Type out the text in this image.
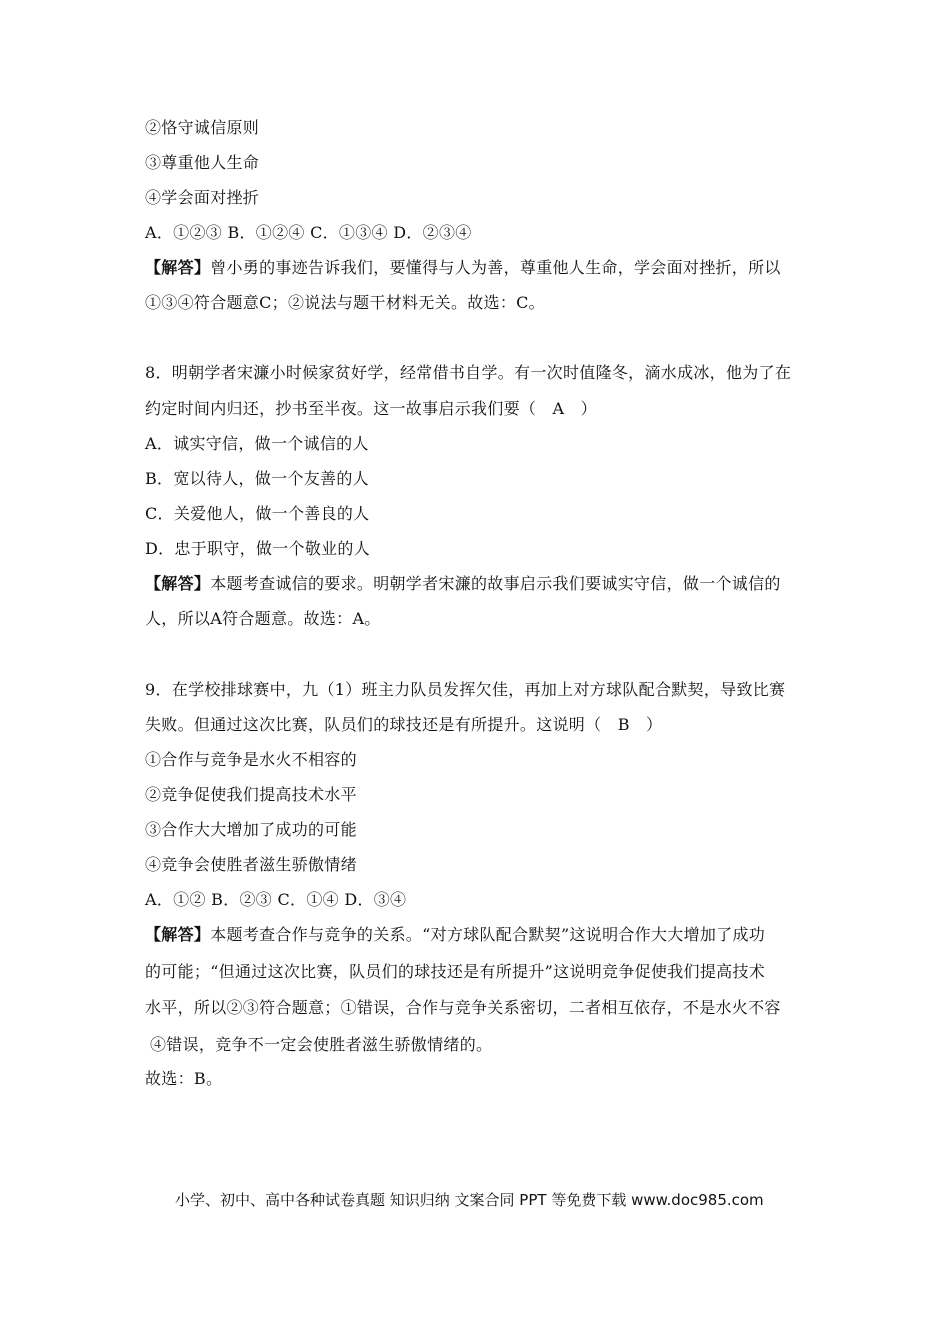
②恪守诚信原则
③尊重他人生命
④学会面对挫折
A．①②③ B．①②④ C．①③④ D．②③④
【解答】曾小勇的事迹告诉我们，要懂得与人为善，尊重他人生命，学会面对挫折，所以
①③④符合题意C；②说法与题干材料无关。故选：C。
8．明朝学者宋濂小时候家贫好学，经常借书自学。有一次时值隆冬，滴水成冰，他为了在
约定时间内归还，抄书至半夜。这一故事启示我们要（　A　）
A．诚实守信，做一个诚信的人
B．宽以待人，做一个友善的人
C．关爱他人，做一个善良的人
D．忠于职守，做一个敬业的人
【解答】本题考查诚信的要求。明朝学者宋濂的故事启示我们要诚实守信，做一个诚信的
人，所以A符合题意。故选：A。
9．在学校排球赛中，九（1）班主力队员发挥欠佳，再加上对方球队配合默契，导致比赛
失败。但通过这次比赛，队员们的球技还是有所提升。这说明（　B　）
①合作与竞争是水火不相容的
②竞争促使我们提高技术水平
③合作大大增加了成功的可能
④竞争会使胜者滋生骄傲情绪
A．①② B．②③ C．①④ D．③④
【解答】本题考查合作与竞争的关系。“对方球队配合默契”这说明合作大大增加了成功
的可能；“但通过这次比赛，队员们的球技还是有所提升”这说明竞争促使我们提高技术
水平，所以②③符合题意；①错误，合作与竞争关系密切，二者相互依存，不是水火不容
④错误，竞争不一定会使胜者滋生骄傲情绪的。
故选：B。
小学、初中、高中各种试卷真题 知识归纳 文案合同 PPT 等免费下载 www.doc985.com
